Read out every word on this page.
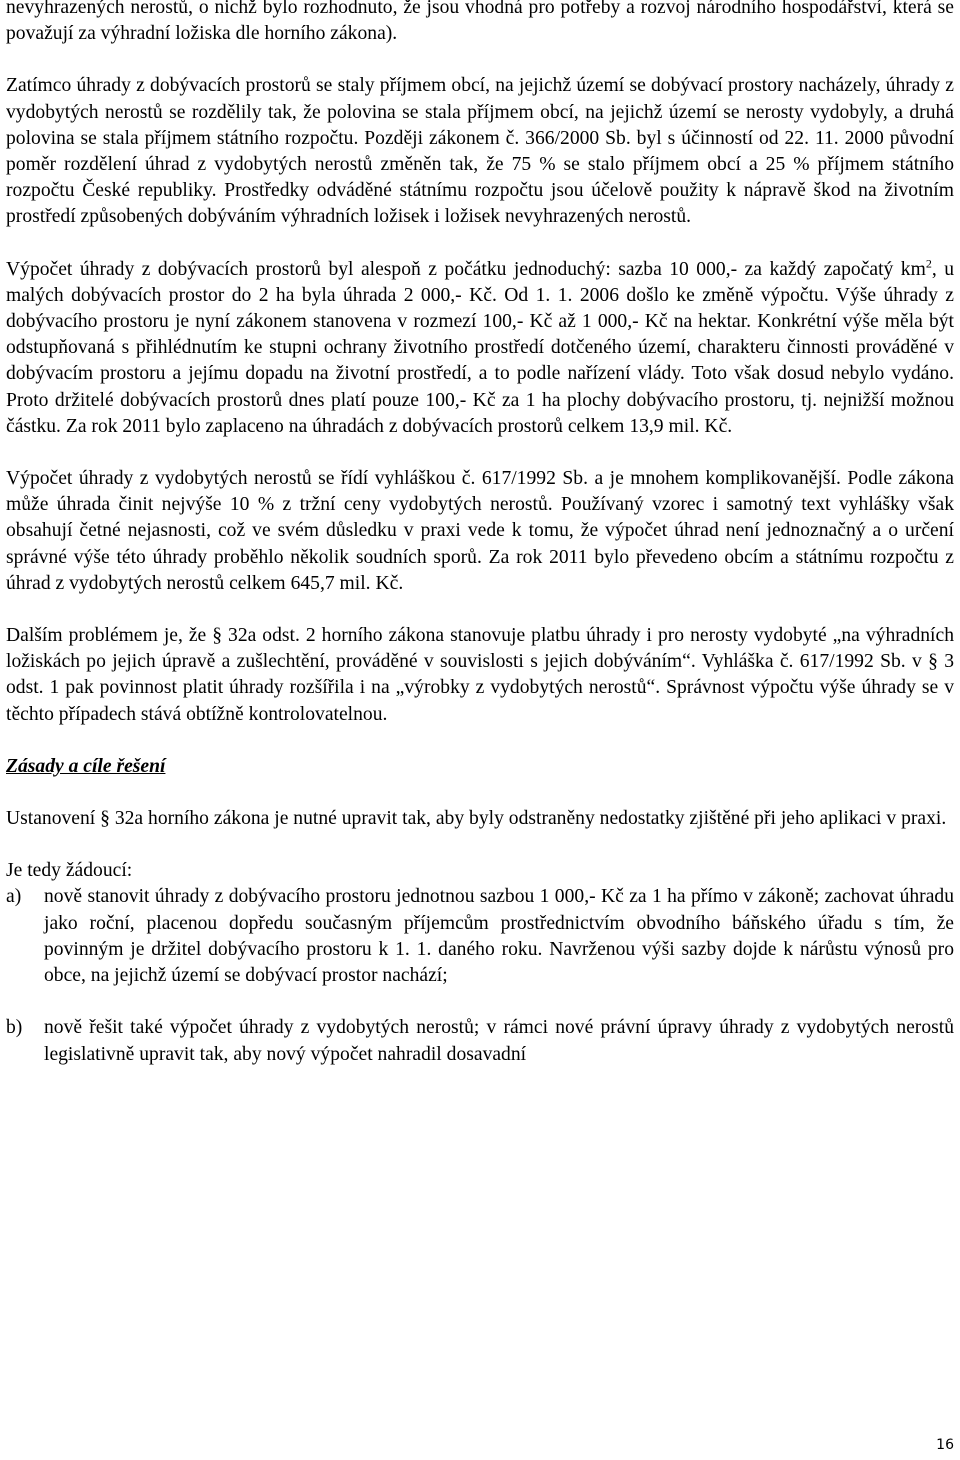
nevyhrazených nerostů, o nichž bylo rozhodnuto, že jsou vhodná pro potřeby a rozvoj národního hospodářství, která se považují za výhradní ložiska dle horního zákona).

Zatímco úhrady z dobývacích prostorů se staly příjmem obcí, na jejichž území se dobývací prostory nacházely, úhrady z vydobytých nerostů se rozdělily tak, že polovina se stala příjmem obcí, na jejichž území se nerosty vydobyly, a druhá polovina se stala příjmem státního rozpočtu. Později zákonem č. 366/2000 Sb. byl s účinností od 22. 11. 2000 původní poměr rozdělení úhrad z vydobytých nerostů změněn tak, že 75 % se stalo příjmem obcí a 25 % příjmem státního rozpočtu České republiky. Prostředky odváděné státnímu rozpočtu jsou účelově použity k nápravě škod na životním prostředí způsobených dobýváním výhradních ložisek i ložisek nevyhrazených nerostů.

Výpočet úhrady z dobývacích prostorů byl alespoň z počátku jednoduchý: sazba 10 000,- za každý započatý $km^2$, u malých dobývacích prostor do 2 ha byla úhrada 2 000,- Kč. Od 1. 1. 2006 došlo ke změně výpočtu. Výše úhrady z dobývacího prostoru je nyní zákonem stanovena v rozmezí 100,- Kč až 1 000,- Kč na hektar. Konkrétní výše měla být odstupňovaná s přihlédnutím ke stupni ochrany životního prostředí dotčeného území, charakteru činnosti prováděné v dobývacím prostoru a jejímu dopadu na životní prostředí, a to podle nařízení vlády. Toto však dosud nebylo vydáno. Proto držitelé dobývacích prostorů dnes platí pouze 100,- Kč za 1 ha plochy dobývacího prostoru, tj. nejnižší možnou částku. Za rok 2011 bylo zaplaceno na úhradách z dobývacích prostorů celkem 13,9 mil. Kč.

Výpočet úhrady z vydobytých nerostů se řídí vyhláškou č. 617/1992 Sb. a je mnohem komplikovanější. Podle zákona může úhrada činit nejvýše 10 % z tržní ceny vydobytých nerostů. Používaný vzorec i samotný text vyhlášky však obsahují četné nejasnosti, což ve svém důsledku v praxi vede k tomu, že výpočet úhrad není jednoznačný a o určení správné výše této úhrady proběhlo několik soudních sporů. Za rok 2011 bylo převedeno obcím a státnímu rozpočtu z úhrad z vydobytých nerostů celkem 645,7 mil. Kč.

Dalším problémem je, že § 32a odst. 2 horního zákona stanovuje platbu úhrady i pro nerosty vydobyté „na výhradních ložiskách po jejich úpravě a zušlechtění, prováděné v souvislosti s jejich dobýváním“. Vyhláška č. 617/1992 Sb. v § 3 odst. 1 pak povinnost platit úhrady rozšířila i na „výrobky z vydobytých nerostů“. Správnost výpočtu výše úhrady se v těchto případech stává obtížně kontrolovatelnou.

Zásady a cíle řešení

Ustanovení § 32a horního zákona je nutné upravit tak, aby byly odstraněny nedostatky zjištěné při jeho aplikaci v praxi.

Je tedy žádoucí:

a)	nově stanovit úhrady z dobývacího prostoru jednotnou sazbou 1 000,- Kč za 1 ha přímo v zákoně; zachovat úhradu jako roční, placenou dopředu současným příjemcům prostřednictvím obvodního báňského úřadu s tím, že povinným je držitel dobývacího prostoru k 1. 1. daného roku. Navrženou výši sazby dojde k nárůstu výnosů pro obce, na jejichž území se dobývací prostor nachází;
b)	nově řešit také výpočet úhrady z vydobytých nerostů; v rámci nové právní úpravy úhrady z vydobytých nerostů legislativně upravit tak, aby nový výpočet nahradil dosavadní
16
